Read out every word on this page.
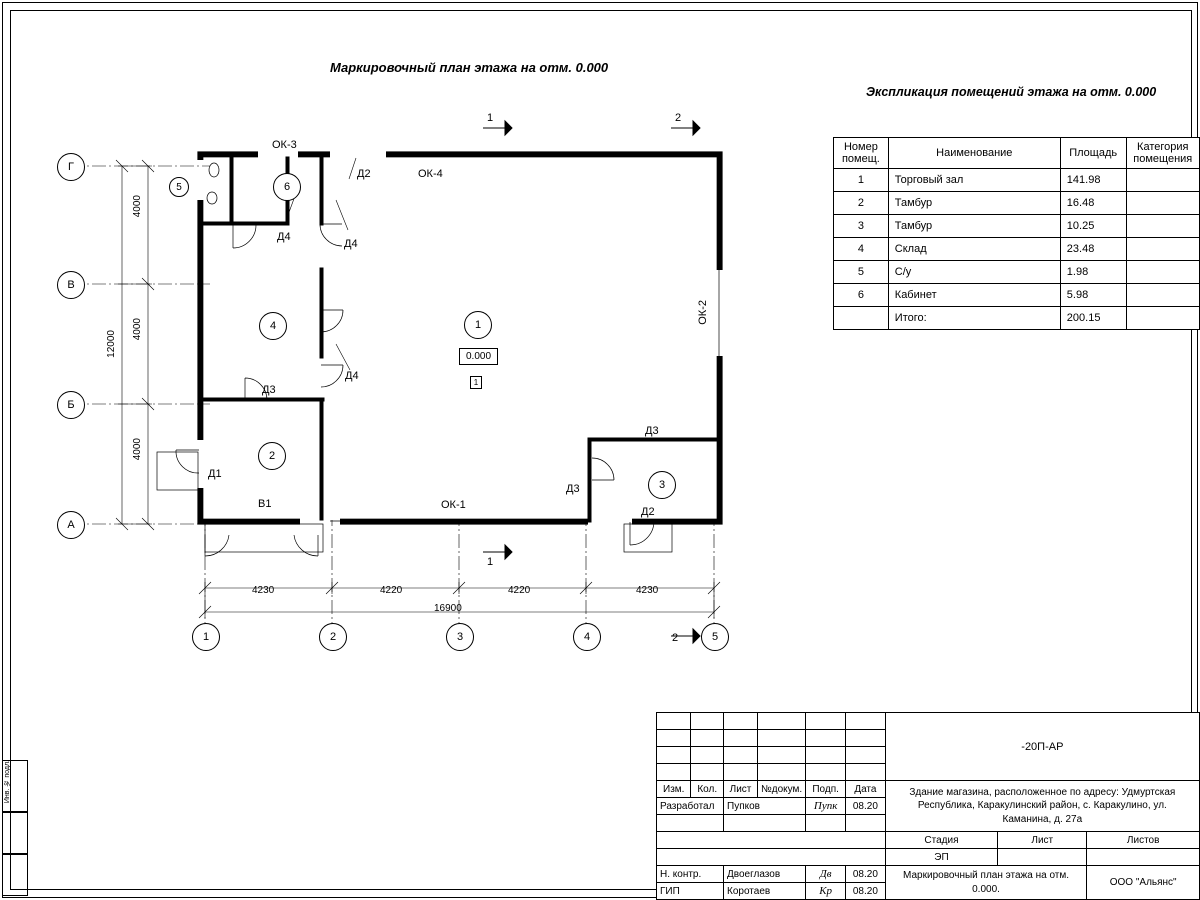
Маркировочный план этажа на отм. 0.000
Экспликация помещений этажа на отм. 0.000
Г
В
Б
А
1	2	3	4	5
1
2
3
4
5	6
0.000
1
4000
4000
4000
12000
4230	4220	4220	4230
16900
1
1
2
2
ОК-3
ОК-4
ОК-2
ОК-1
Д2
Д4
Д4
Д4
Д3
Д1
В1
Д3
Д3
Д2
Номер помещ.	Наименование	Площадь	Категория помещения
1	Торговый зал	141.98	
2	Тамбур	16.48	
3	Тамбур	10.25	
4	Склад	23.48	
5	С/у	1.98	
6	Кабинет	5.98	
	Итого:	200.15	
						-20П-АР		

Изм.	Кол.	Лист	№докум.	Подп.	Дата	Здание магазина, расположенное по адресу: Удмуртская Республика, Каракулинский район, с. Каракулино, ул. Каманина, д. 27а		
Разработал		Пупков		Пупк	08.20			

						Стадия	Лист	Листов
						ЭП		
Н. контр.		Двоеглазов		Дв	08.20	Маркировочный план этажа на отм. 0.000.		ООО "Альянс"
ГИП		Коротаев		Кр	08.20			
Инв. № подл.
